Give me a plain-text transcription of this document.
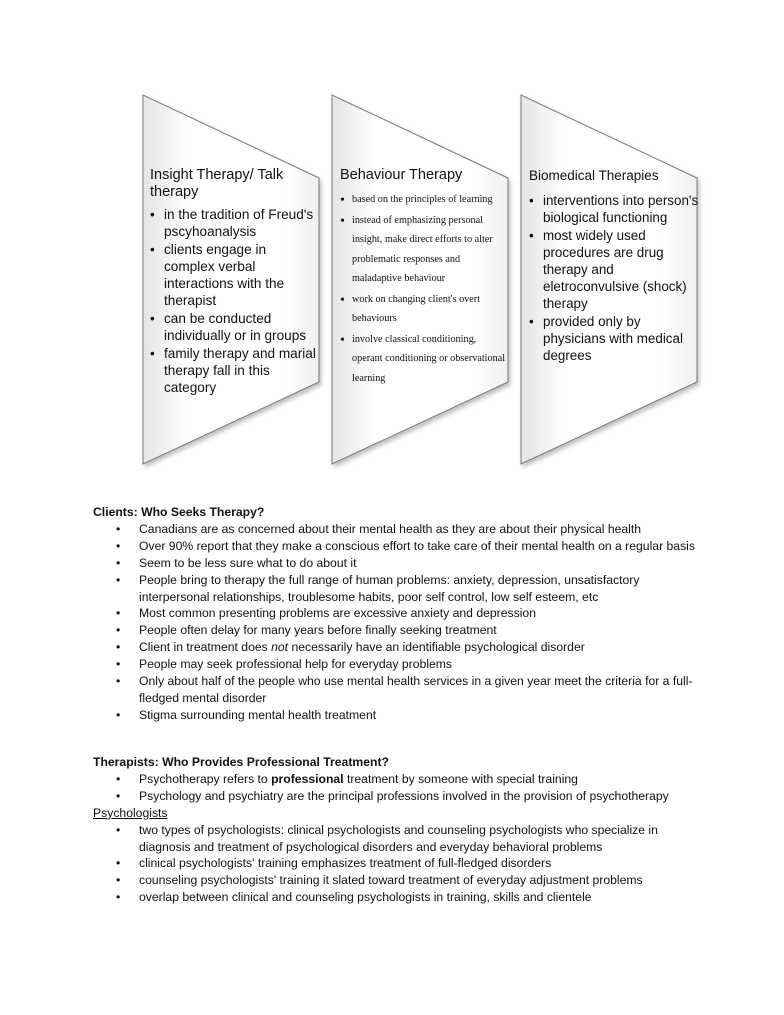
Insight Therapy/ Talk therapy
• in the tradition of Freud's pscyhoanalysis
• clients engage in complex verbal interactions with the therapist
• can be conducted individually or in groups
• family therapy and marial therapy fall in this category
Behaviour Therapy
• based on the principles of learning
• instead of emphasizing personal insight, make direct efforts to alter problematic responses and maladaptive behaviour
• work on changing client's overt behaviours
• involve classical conditioning, operant conditioning or observational learning
Biomedical Therapies
• interventions into person's biological functioning
• most widely used procedures are drug therapy and eletroconvulsive (shock) therapy
• provided only by physicians with medical degrees
Clients: Who Seeks Therapy?
• Canadians are as concerned about their mental health as they are about their physical health
• Over 90% report that they make a conscious effort to take care of their mental health on a regular basis
• Seem to be less sure what to do about it
• People bring to therapy the full range of human problems: anxiety, depression, unsatisfactory interpersonal relationships, troublesome habits, poor self control, low self esteem, etc
• Most common presenting problems are excessive anxiety and depression
• People often delay for many years before finally seeking treatment
• Client in treatment does not necessarily have an identifiable psychological disorder
• People may seek professional help for everyday problems
• Only about half of the people who use mental health services in a given year meet the criteria for a full-fledged mental disorder
• Stigma surrounding mental health treatment
Therapists: Who Provides Professional Treatment?
• Psychotherapy refers to professional treatment by someone with special training
• Psychology and psychiatry are the principal professions involved in the provision of psychotherapy
Psychologists
• two types of psychologists: clinical psychologists and counseling psychologists who specialize in diagnosis and treatment of psychological disorders and everyday behavioral problems
• clinical psychologists' training emphasizes treatment of full-fledged disorders
• counseling psychologists' training it slated toward treatment of everyday adjustment problems
• overlap between clinical and counseling psychologists in training, skills and clientele
